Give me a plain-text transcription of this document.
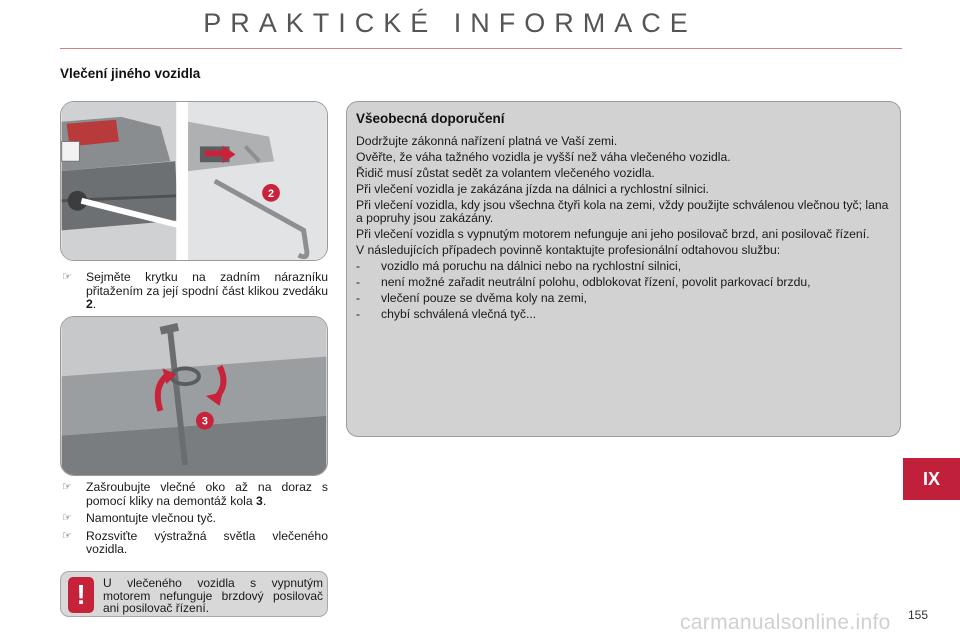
PRAKTICKÉ INFORMACE
Vlečení jiného vozidla
2
☞ Sejměte krytku na zadním nárazníku přitažením za její spodní část klikou zvedáku 2.
3
☞ Zašroubujte vlečné oko až na doraz s pomocí kliky na demontáž kola 3.
☞ Namontujte vlečnou tyč.
☞ Rozsviťte výstražná světla vlečeného vozidla.
!	U vlečeného vozidla s vypnutým motorem nefunguje brzdový posilovač ani posilovač řízení.
Všeobecná doporučení

Dodržujte zákonná nařízení platná ve Vaší zemi.

Ověřte, že váha tažného vozidla je vyšší než váha vlečeného vozidla.

Řidič musí zůstat sedět za volantem vlečeného vozidla.

Při vlečení vozidla je zakázána jízda na dálnici a rychlostní silnici.

Při vlečení vozidla, kdy jsou všechna čtyři kola na zemi, vždy použijte schválenou vlečnou tyč; lana a popruhy jsou zakázány.

Při vlečení vozidla s vypnutým motorem nefunguje ani jeho posilovač brzd, ani posilovač řízení.

V následujících případech povinně kontaktujte profesionální odtahovou službu:

- vozidlo má poruchu na dálnici nebo na rychlostní silnici,
- není možné zařadit neutrální polohu, odblokovat řízení, povolit parkovací brzdu,
- vlečení pouze se dvěma koly na zemi,
- chybí schválená vlečná tyč...
IX
carmanualsonline.info 155
